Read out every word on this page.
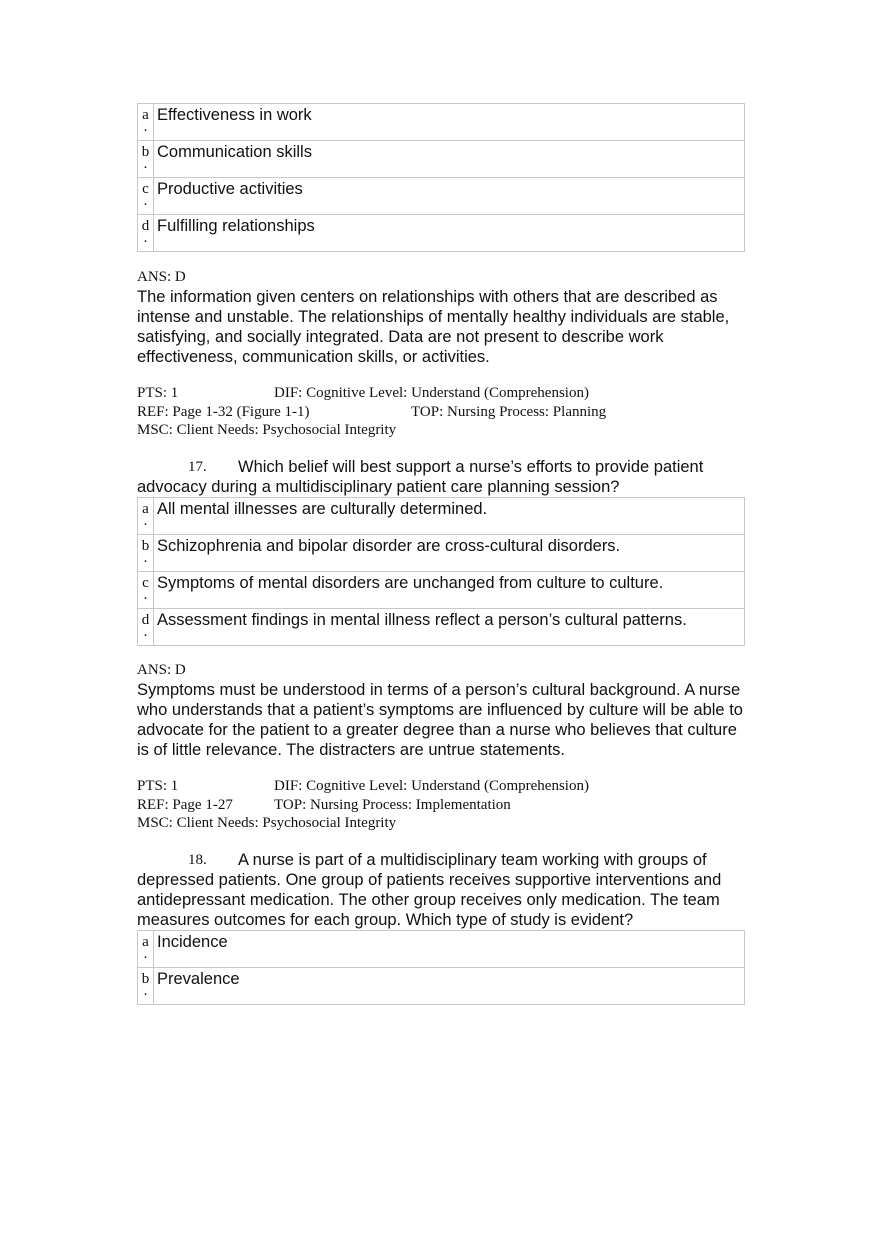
a
.	Effectiveness in work
b
.	Communication skills
c
.	Productive activities
d
.	Fulfilling relationships
ANS: D
The information given centers on relationships with others that are described as intense and unstable. The relationships of mentally healthy individuals are stable, satisfying, and socially integrated. Data are not present to describe work effectiveness, communication skills, or activities.
PTS: 1	DIF: Cognitive Level: Understand (Comprehension)
REF: Page 1-32 (Figure 1-1)	TOP: Nursing Process: Planning
MSC: Client Needs: Psychosocial Integrity
17. Which belief will best support a nurse’s efforts to provide patient
advocacy during a multidisciplinary patient care planning session?
a
.	All mental illnesses are culturally determined.
b
.	Schizophrenia and bipolar disorder are cross-cultural disorders.
c
.	Symptoms of mental disorders are unchanged from culture to culture.
d
.	Assessment findings in mental illness reflect a person’s cultural patterns.
ANS: D
Symptoms must be understood in terms of a person’s cultural background. A nurse who understands that a patient’s symptoms are influenced by culture will be able to advocate for the patient to a greater degree than a nurse who believes that culture is of little relevance. The distracters are untrue statements.
PTS: 1	DIF: Cognitive Level: Understand (Comprehension)
REF: Page 1-27	TOP: Nursing Process: Implementation
MSC: Client Needs: Psychosocial Integrity
18. A nurse is part of a multidisciplinary team working with groups of
depressed patients. One group of patients receives supportive interventions and antidepressant medication. The other group receives only medication. The team measures outcomes for each group. Which type of study is evident?
a
.	Incidence
b
.	Prevalence
